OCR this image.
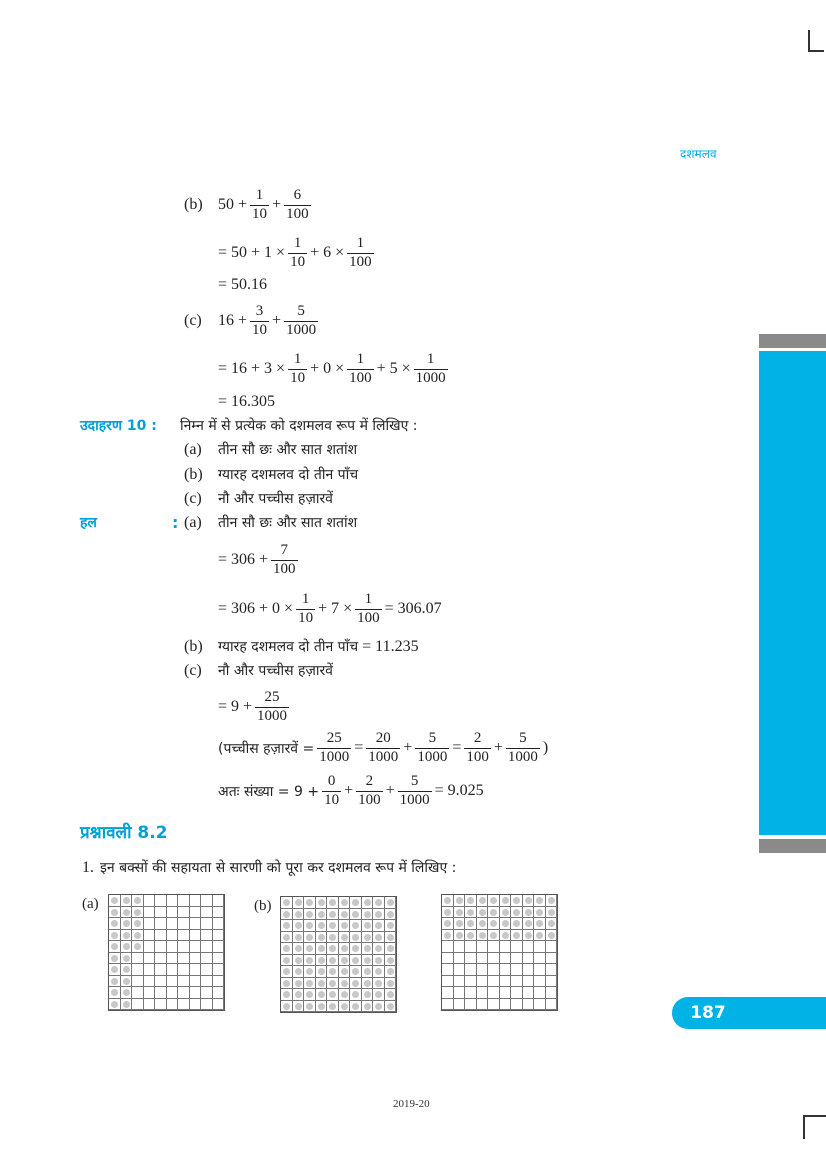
दशमलव
187
2019-20
(b) $50 + \frac{1}{10} + \frac{6}{100}$
= $50 + 1 \times \frac{1}{10} + 6 \times \frac{1}{100}$
= 50.16
(c)	$16 + \frac{3}{10} + \frac{5}{1000}$
= $16 + 3 \times \frac{1}{10} + 0 \times \frac{1}{100} + 5 \times \frac{1}{1000}$
= 16.305
उदाहरण 10 :	निम्न में से प्रत्येक को दशमलव रूप में लिखिए :
(a)	तीन सौ छः और सात शतांश
(b)	ग्यारह दशमलव दो तीन पाँच
(c)	नौ और पच्चीस हज़ारवें
हल	: (a)	तीन सौ छः और सात शतांश
= $306 + \frac{7}{100}$
= $306 + 0 \times \frac{1}{10} + 7 \times \frac{1}{100} = 306.07$
(b)	ग्यारह दशमलव दो तीन पाँच = 11.235
(c)	नौ और पच्चीस हज़ारवें
= $9 + \frac{25}{1000}$
(पच्चीस हज़ारवें = $\frac{25}{1000} = \frac{20}{1000} + \frac{5}{1000} = \frac{2}{100} + \frac{5}{1000}$ )
अतः संख्या = $9 + \frac{0}{10} + \frac{2}{100} + \frac{5}{1000} = 9.025$
प्रश्नावली 8.2
1. इन बक्सों की सहायता से सारणी को पूरा कर दशमलव रूप में लिखिए :
(a)	(b)
